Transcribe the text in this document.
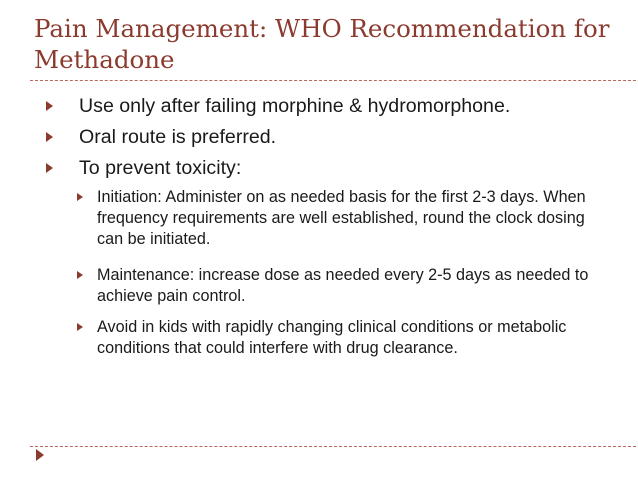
Pain Management: WHO Recommendation for Methadone
Use only after failing morphine & hydromorphone.
Oral route is preferred.
To prevent toxicity:
Initiation: Administer on as needed basis for the first 2-3 days. When frequency requirements are well established, round the clock dosing can be initiated.
Maintenance: increase dose as needed every 2-5 days as needed to achieve pain control.
Avoid in kids with rapidly changing clinical conditions or metabolic conditions that could interfere with drug clearance.
